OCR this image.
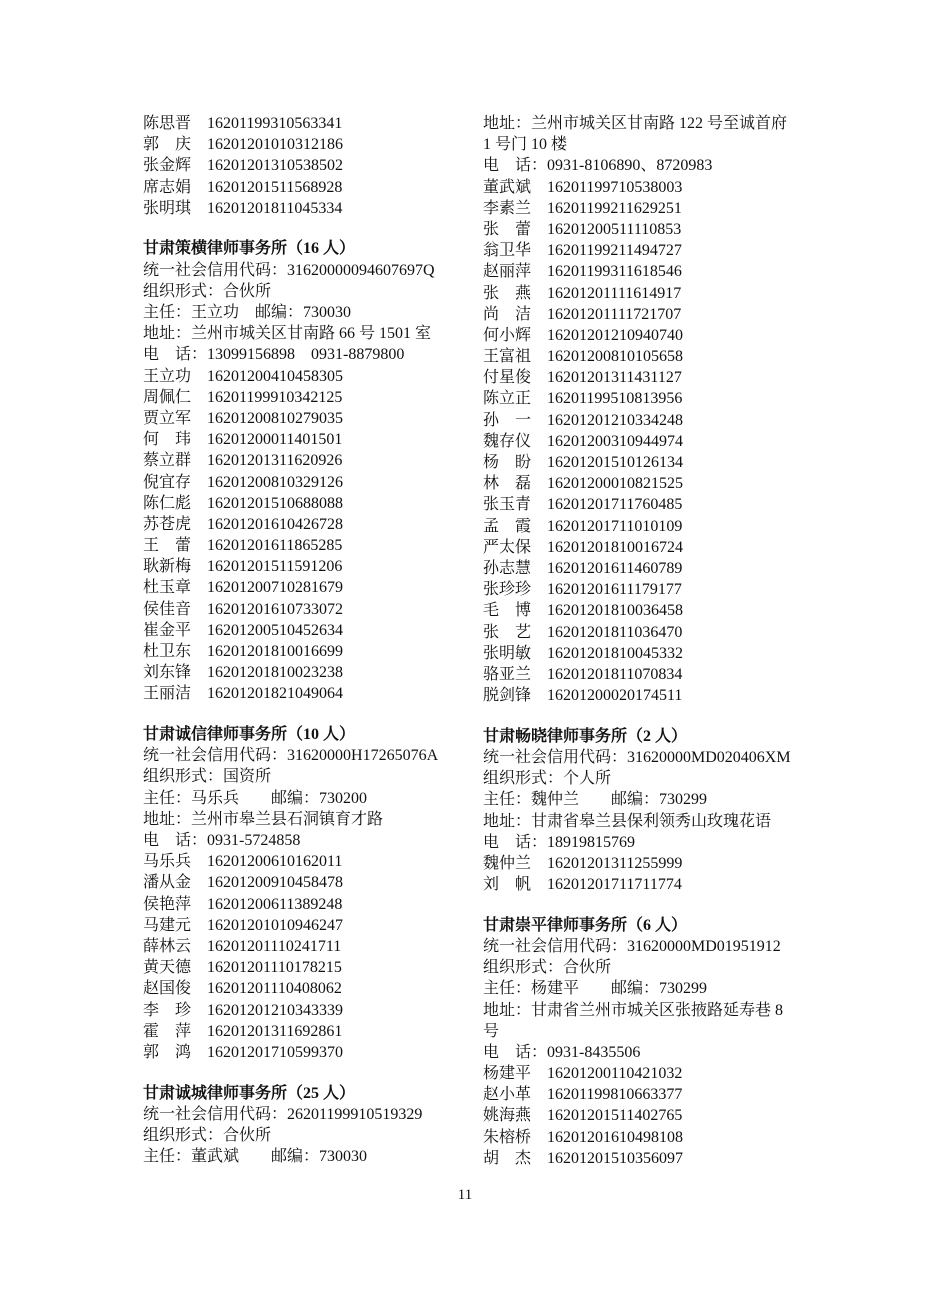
陈思晋 16201199310563341
郭　庆 16201201010312186
张金辉 16201201310538502
席志娟 16201201511568928
张明琪 16201201811045334
甘肃策横律师事务所（16 人）
统一社会信用代码：31620000094607697Q
组织形式：合伙所
主任：王立功　邮编：730030
地址：兰州市城关区甘南路 66 号 1501 室
电　话：13099156898　0931-8879800
王立功 16201200410458305
周佩仁 16201199910342125
贾立军 16201200810279035
何　玮 16201200011401501
蔡立群 16201201311620926
倪宜存 16201200810329126
陈仁彪 16201201510688088
苏苍虎 16201201610426728
王　蕾 16201201611865285
耿新梅 16201201511591206
杜玉章 16201200710281679
侯佳音 16201201610733072
崔金平 16201200510452634
杜卫东 16201201810016699
刘东锋 16201201810023238
王丽洁 16201201821049064
甘肃诚信律师事务所（10 人）
统一社会信用代码：31620000H17265076A
组织形式：国资所
主任：马乐兵　　邮编：730200
地址：兰州市皋兰县石洞镇育才路
电　话：0931-5724858
马乐兵 16201200610162011
潘从金 16201200910458478
侯艳萍 16201200611389248
马建元 16201201010946247
薛林云 16201201110241711
黄天德 16201201110178215
赵国俊 16201201110408062
李　珍 16201201210343339
霍　萍 16201201311692861
郭　鸿 16201201710599370
甘肃诚城律师事务所（25 人）
统一社会信用代码：26201199910519329
组织形式：合伙所
主任：董武斌　　邮编：730030
地址：兰州市城关区甘南路 122 号至诚首府
1 号门 10 楼
电　话：0931-8106890、8720983
董武斌 16201199710538003
李素兰 16201199211629251
张　蕾 16201200511110853
翁卫华 16201199211494727
赵丽萍 16201199311618546
张　燕 16201201111614917
尚　洁 16201201111721707
何小辉 16201201210940740
王富祖 16201200810105658
付星俊 16201201311431127
陈立正 16201199510813956
孙　一 16201201210334248
魏存仪 16201200310944974
杨　盼 16201201510126134
林　磊 16201200010821525
张玉青 16201201711760485
孟　霞 16201201711010109
严太保 16201201810016724
孙志慧 16201201611460789
张珍珍 16201201611179177
毛　博 16201201810036458
张　艺 16201201811036470
张明敏 16201201810045332
骆亚兰 16201201811070834
脱剑锋 16201200020174511
甘肃畅晓律师事务所（2 人）
统一社会信用代码：31620000MD020406XM
组织形式：个人所
主任：魏仲兰　　邮编：730299
地址：甘肃省皋兰县保利领秀山玫瑰花语
电　话：18919815769
魏仲兰 16201201311255999
刘　帆 16201201711711774
甘肃崇平律师事务所（6 人）
统一社会信用代码：31620000MD01951912
组织形式：合伙所
主任：杨建平　　邮编：730299
地址：甘肃省兰州市城关区张掖路延寿巷 8
号
电　话：0931-8435506
杨建平 16201200110421032
赵小革 16201199810663377
姚海燕 16201201511402765
朱榕桥 16201201610498108
胡　杰 16201201510356097
11
